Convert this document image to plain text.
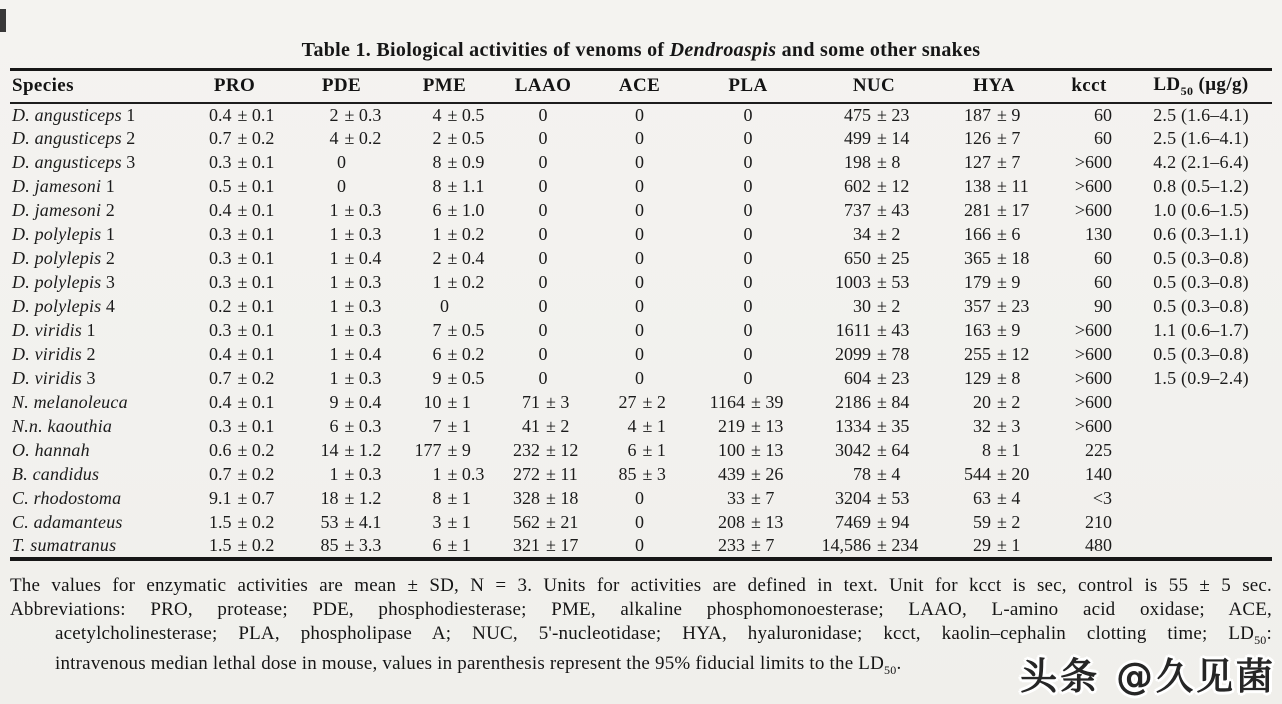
Table 1. Biological activities of venoms of Dendroaspis and some other snakes
Species	PRO	PDE	PME	LAAO	ACE	PLA	NUC	HYA	kcct	$LD_{50}$ (μg/g)
D. angusticeps 1	0.4 ± 0.1	2 ± 0.3	4 ± 0.5	0	0	0	475 ± 23	187 ± 9	60	2.5 (1.6–4.1)
D. angusticeps 2	0.7 ± 0.2	4 ± 0.2	2 ± 0.5	0	0	0	499 ± 14	126 ± 7	60	2.5 (1.6–4.1)
D. angusticeps 3	0.3 ± 0.1	0	8 ± 0.9	0	0	0	198 ± 8	127 ± 7	>600	4.2 (2.1–6.4)
D. jamesoni 1	0.5 ± 0.1	0	8 ± 1.1	0	0	0	602 ± 12	138 ± 11	>600	0.8 (0.5–1.2)
D. jamesoni 2	0.4 ± 0.1	1 ± 0.3	6 ± 1.0	0	0	0	737 ± 43	281 ± 17	>600	1.0 (0.6–1.5)
D. polylepis 1	0.3 ± 0.1	1 ± 0.3	1 ± 0.2	0	0	0	34 ± 2	166 ± 6	130	0.6 (0.3–1.1)
D. polylepis 2	0.3 ± 0.1	1 ± 0.4	2 ± 0.4	0	0	0	650 ± 25	365 ± 18	60	0.5 (0.3–0.8)
D. polylepis 3	0.3 ± 0.1	1 ± 0.3	1 ± 0.2	0	0	0	1003 ± 53	179 ± 9	60	0.5 (0.3–0.8)
D. polylepis 4	0.2 ± 0.1	1 ± 0.3	0	0	0	0	30 ± 2	357 ± 23	90	0.5 (0.3–0.8)
D. viridis 1	0.3 ± 0.1	1 ± 0.3	7 ± 0.5	0	0	0	1611 ± 43	163 ± 9	>600	1.1 (0.6–1.7)
D. viridis 2	0.4 ± 0.1	1 ± 0.4	6 ± 0.2	0	0	0	2099 ± 78	255 ± 12	>600	0.5 (0.3–0.8)
D. viridis 3	0.7 ± 0.2	1 ± 0.3	9 ± 0.5	0	0	0	604 ± 23	129 ± 8	>600	1.5 (0.9–2.4)
N. melanoleuca	0.4 ± 0.1	9 ± 0.4	10 ± 1	71 ± 3	27 ± 2	1164 ± 39	2186 ± 84	20 ± 2	>600	
N.n. kaouthia	0.3 ± 0.1	6 ± 0.3	7 ± 1	41 ± 2	4 ± 1	219 ± 13	1334 ± 35	32 ± 3	>600	
O. hannah	0.6 ± 0.2	14 ± 1.2	177 ± 9	232 ± 12	6 ± 1	100 ± 13	3042 ± 64	8 ± 1	225	
B. candidus	0.7 ± 0.2	1 ± 0.3	1 ± 0.3	272 ± 11	85 ± 3	439 ± 26	78 ± 4	544 ± 20	140	
C. rhodostoma	9.1 ± 0.7	18 ± 1.2	8 ± 1	328 ± 18	0	33 ± 7	3204 ± 53	63 ± 4	<3	
C. adamanteus	1.5 ± 0.2	53 ± 4.1	3 ± 1	562 ± 21	0	208 ± 13	7469 ± 94	59 ± 2	210	
T. sumatranus	1.5 ± 0.2	85 ± 3.3	6 ± 1	321 ± 17	0	233 ± 7	14,586 ± 234	29 ± 1	480	
The values for enzymatic activities are mean ± SD, N = 3. Units for activities are defined in text. Unit for kcct is sec, control is 55 ± 5 sec.
Abbreviations: PRO, protease; PDE, phosphodiesterase; PME, alkaline phosphomonoesterase; LAAO, L-amino acid oxidase; ACE,
acetylcholinesterase; PLA, phospholipase A; NUC, 5'-nucleotidase; HYA, hyaluronidase; kcct, kaolin–cephalin clotting time; $LD_{50}$:
intravenous median lethal dose in mouse, values in parenthesis represent the 95% fiducial limits to the $LD_{50}$.	头条 @久见菌
